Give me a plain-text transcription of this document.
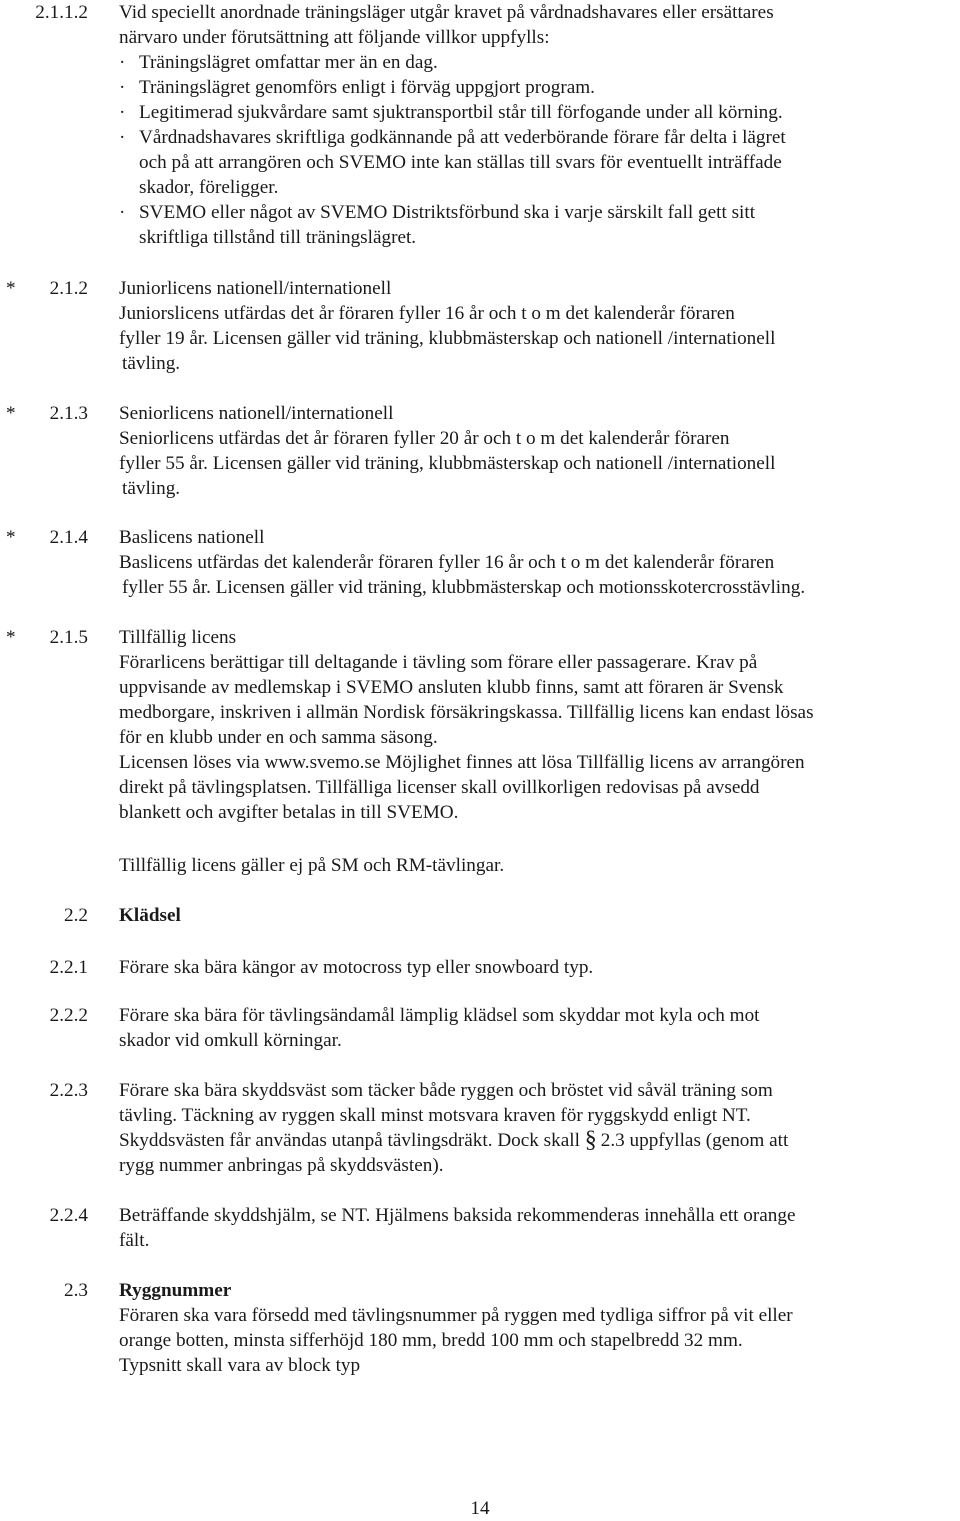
2.1.1.2 Vid speciellt anordnade träningsläger utgår kravet på vårdnadshavares eller ersättares
närvaro under förutsättning att följande villkor uppfylls:
· Träningslägret omfattar mer än en dag.
· Träningslägret genomförs enligt i förväg uppgjort program.
· Legitimerad sjukvårdare samt sjuktransportbil står till förfogande under all körning.
· Vårdnadshavares skriftliga godkännande på att vederbörande förare får delta i lägret
och på att arrangören och SVEMO inte kan ställas till svars för eventuellt inträffade
skador, föreligger.
· SVEMO eller något av SVEMO Distriktsförbund ska i varje särskilt fall gett sitt
skriftliga tillstånd till träningslägret.
* 2.1.2 Juniorlicens nationell/internationell
Juniorslicens utfärdas det år föraren fyller 16 år och t o m det kalenderår föraren
fyller 19 år. Licensen gäller vid träning, klubbmästerskap och nationell /internationell
tävling.
* 2.1.3 Seniorlicens nationell/internationell
Seniorlicens utfärdas det år föraren fyller 20 år och t o m det kalenderår föraren
fyller 55 år. Licensen gäller vid träning, klubbmästerskap och nationell /internationell
tävling.
* 2.1.4 Baslicens nationell
Baslicens utfärdas det kalenderår föraren fyller 16 år och t o m det kalenderår föraren
fyller 55 år. Licensen gäller vid träning, klubbmästerskap och motionsskotercrosstävling.
* 2.1.5 Tillfällig licens
Förarlicens berättigar till deltagande i tävling som förare eller passagerare. Krav på
uppvisande av medlemskap i SVEMO ansluten klubb finns, samt att föraren är Svensk
medborgare, inskriven i allmän Nordisk försäkringskassa. Tillfällig licens kan endast lösas
för en klubb under en och samma säsong.
Licensen löses via www.svemo.se Möjlighet finnes att lösa Tillfällig licens av arrangören
direkt på tävlingsplatsen. Tillfälliga licenser skall ovillkorligen redovisas på avsedd
blankett och avgifter betalas in till SVEMO.
Tillfällig licens gäller ej på SM och RM-tävlingar.
2.2 Klädsel
2.2.1 Förare ska bära kängor av motocross typ eller snowboard typ.
2.2.2 Förare ska bära för tävlingsändamål lämplig klädsel som skyddar mot kyla och mot
skador vid omkull körningar.
2.2.3 Förare ska bära skyddsväst som täcker både ryggen och bröstet vid såväl träning som
tävling. Täckning av ryggen skall minst motsvara kraven för ryggskydd enligt NT.
Skyddsvästen får användas utanpå tävlingsdräkt. Dock skall § 2.3 uppfyllas (genom att
rygg nummer anbringas på skyddsvästen).
2.2.4 Beträffande skyddshjälm, se NT. Hjälmens baksida rekommenderas innehålla ett orange
fält.
2.3 Ryggnummer
Föraren ska vara försedd med tävlingsnummer på ryggen med tydliga siffror på vit eller
orange botten, minsta sifferhöjd 180 mm, bredd 100 mm och stapelbredd 32 mm.
Typsnitt skall vara av block typ
14
